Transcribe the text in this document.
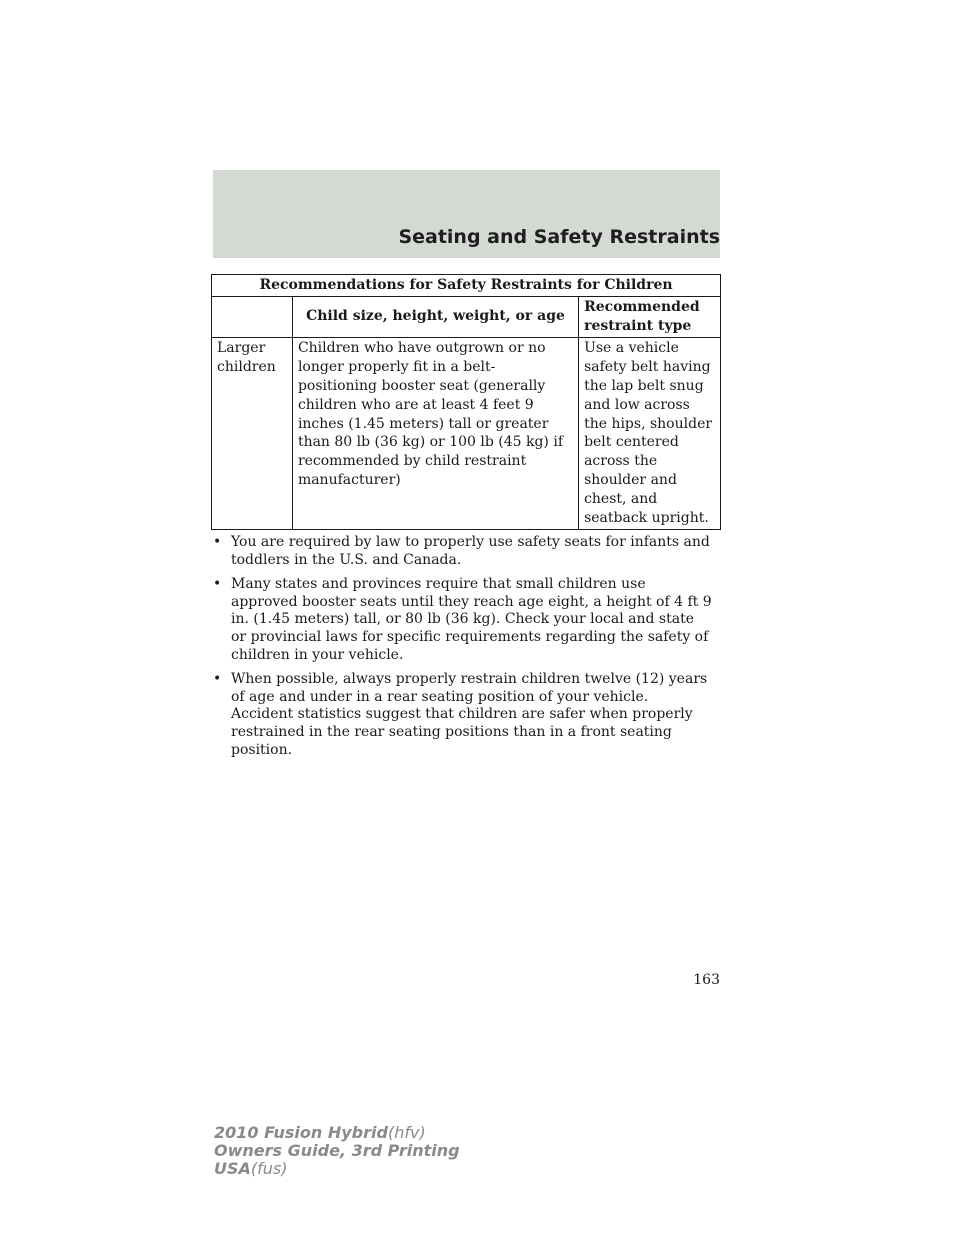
Seating and Safety Restraints
Recommendations for Safety Restraints for Children		
	Child size, height, weight, or age	Recommended restraint type
Larger children	Children who have outgrown or no longer properly fit in a belt-positioning booster seat (generally children who are at least 4 feet 9 inches (1.45 meters) tall or greater than 80 lb (36 kg) or 100 lb (45 kg) if recommended by child restraint manufacturer)	Use a vehicle safety belt having the lap belt snug and low across the hips, shoulder belt centered across the shoulder and chest, and seatback upright.
• You are required by law to properly use safety seats for infants and toddlers in the U.S. and Canada.
• Many states and provinces require that small children use approved booster seats until they reach age eight, a height of 4 ft 9 in. (1.45 meters) tall, or 80 lb (36 kg). Check your local and state or provincial laws for specific requirements regarding the safety of children in your vehicle.
• When possible, always properly restrain children twelve (12) years of age and under in a rear seating position of your vehicle. Accident statistics suggest that children are safer when properly restrained in the rear seating positions than in a front seating position.
163
2010 Fusion Hybrid(hfv)
Owners Guide, 3rd Printing
USA(fus)
